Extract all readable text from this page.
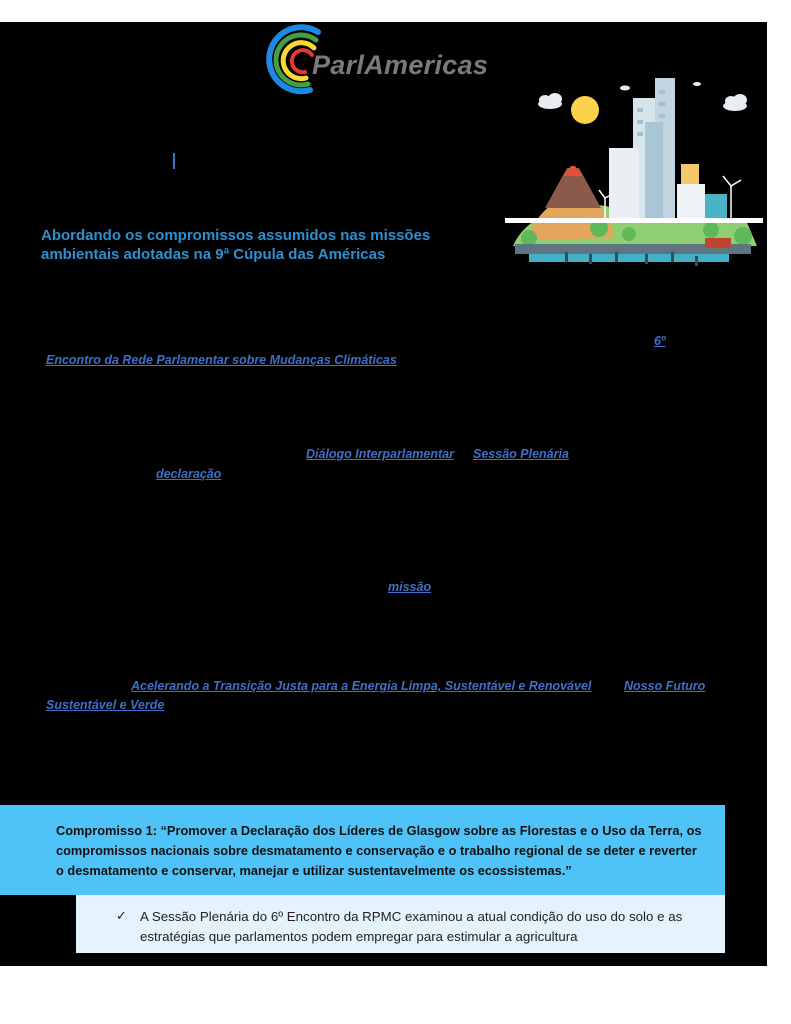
ParlAmericas
Abordando os compromissos assumidos nas missões ambientais adotadas na 9ª Cúpula das Américas
6º
Encontro da Rede Parlamentar sobre Mudanças Climáticas
Diálogo Interparlamentar Sessão Plenária
declaração
missão
Acelerando a Transição Justa para a Energia Limpa, Sustentável e Renovável	Nosso Futuro
Sustentável e Verde
Compromisso 1: “Promover a Declaração dos Líderes de Glasgow sobre as Florestas e o Uso da Terra, os compromissos nacionais sobre desmatamento e conservação e o trabalho regional de se deter e reverter o desmatamento e conservar, manejar e utilizar sustentavelmente os ecossistemas.”
✓ A Sessão Plenária do 6º Encontro da RPMC examinou a atual condição do uso do solo e as estratégias que parlamentos podem empregar para estimular a agricultura
